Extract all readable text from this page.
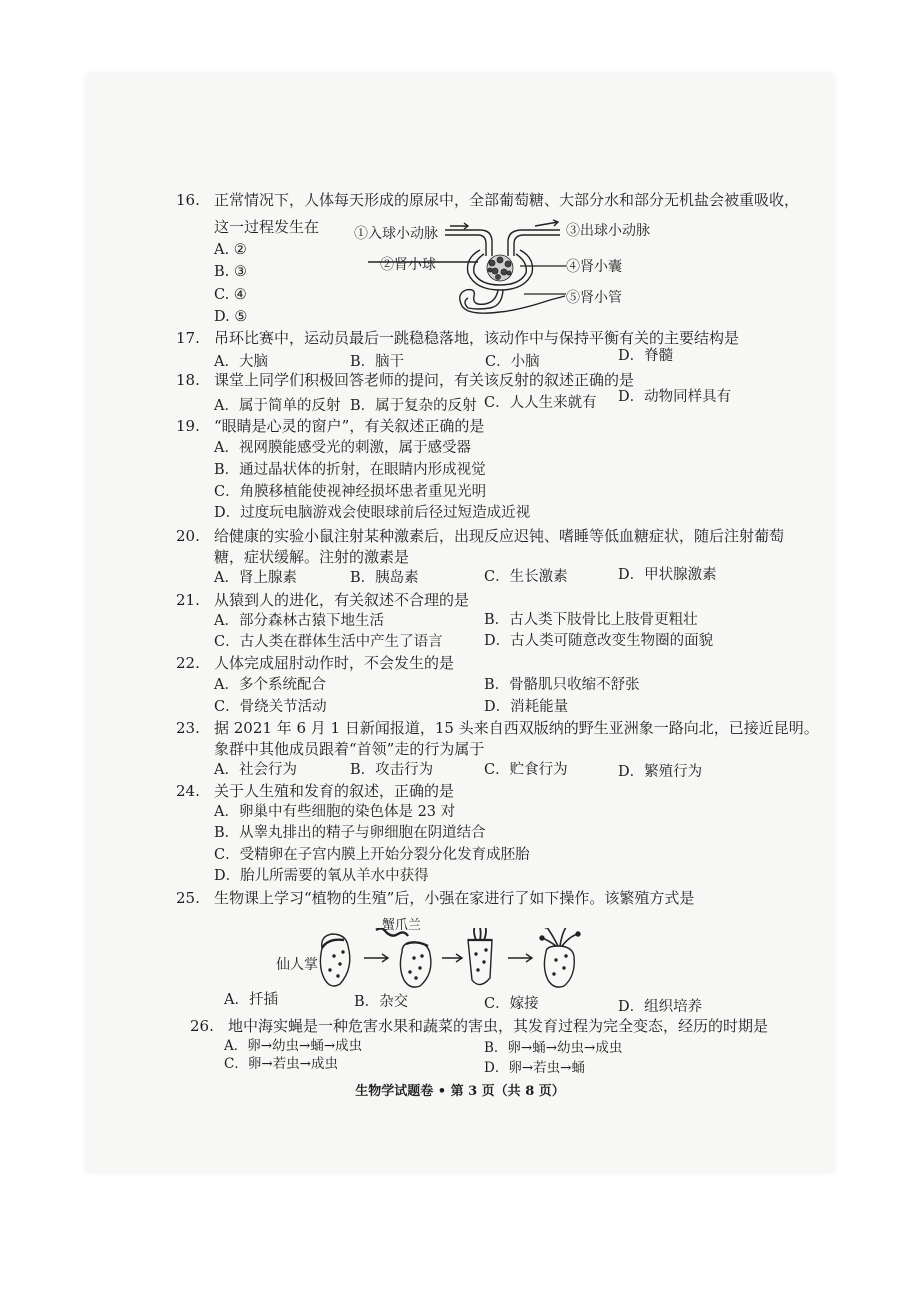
16. 正常情况下，人体每天形成的原尿中，全部葡萄糖、大部分水和部分无机盐会被重吸收，
这一过程发生在
A. ②
B. ③
C. ④
D. ⑤
①入球小动脉
②肾小球
③出球小动脉
④肾小囊
⑤肾小管
17. 吊环比赛中，运动员最后一跳稳稳落地，该动作中与保持平衡有关的主要结构是
A．大脑	B．脑干	C．小脑	D．脊髓
18. 课堂上同学们积极回答老师的提问，有关该反射的叙述正确的是
A．属于简单的反射 B．属于复杂的反射 C．人人生来就有 D．动物同样具有
19. “眼睛是心灵的窗户”，有关叙述正确的是
A．视网膜能感受光的刺激，属于感受器
B．通过晶状体的折射，在眼睛内形成视觉
C．角膜移植能使视神经损坏患者重见光明
D．过度玩电脑游戏会使眼球前后径过短造成近视
20. 给健康的实验小鼠注射某种激素后，出现反应迟钝、嗜睡等低血糖症状，随后注射葡萄
糖，症状缓解。注射的激素是
A．肾上腺素	B．胰岛素	C．生长激素	D．甲状腺激素
21. 从猿到人的进化，有关叙述不合理的是
A．部分森林古猿下地生活	B．古人类下肢骨比上肢骨更粗壮
C．古人类在群体生活中产生了语言	D．古人类可随意改变生物圈的面貌
22. 人体完成屈肘动作时，不会发生的是
A．多个系统配合	B．骨骼肌只收缩不舒张
C．骨绕关节活动	D．消耗能量
23. 据 2021 年 6 月 1 日新闻报道，15 头来自西双版纳的野生亚洲象一路向北，已接近昆明。
象群中其他成员跟着“首领”走的行为属于
A．社会行为	B．攻击行为	C．贮食行为	D．繁殖行为
24. 关于人生殖和发育的叙述，正确的是
A．卵巢中有些细胞的染色体是 23 对
B．从睾丸排出的精子与卵细胞在阴道结合
C．受精卵在子宫内膜上开始分裂分化发育成胚胎
D．胎儿所需要的氧从羊水中获得
25. 生物课上学习“植物的生殖”后，小强在家进行了如下操作。该繁殖方式是
蟹爪兰
仙人掌
A．扦插	B．杂交	C．嫁接	D．组织培养
26. 地中海实蝇是一种危害水果和蔬菜的害虫，其发育过程为完全变态，经历的时期是
A．卵→幼虫→蛹→成虫	B．卵→蛹→幼虫→成虫
C．卵→若虫→成虫	D．卵→若虫→蛹
生物学试题卷 • 第 3 页（共 8 页）
